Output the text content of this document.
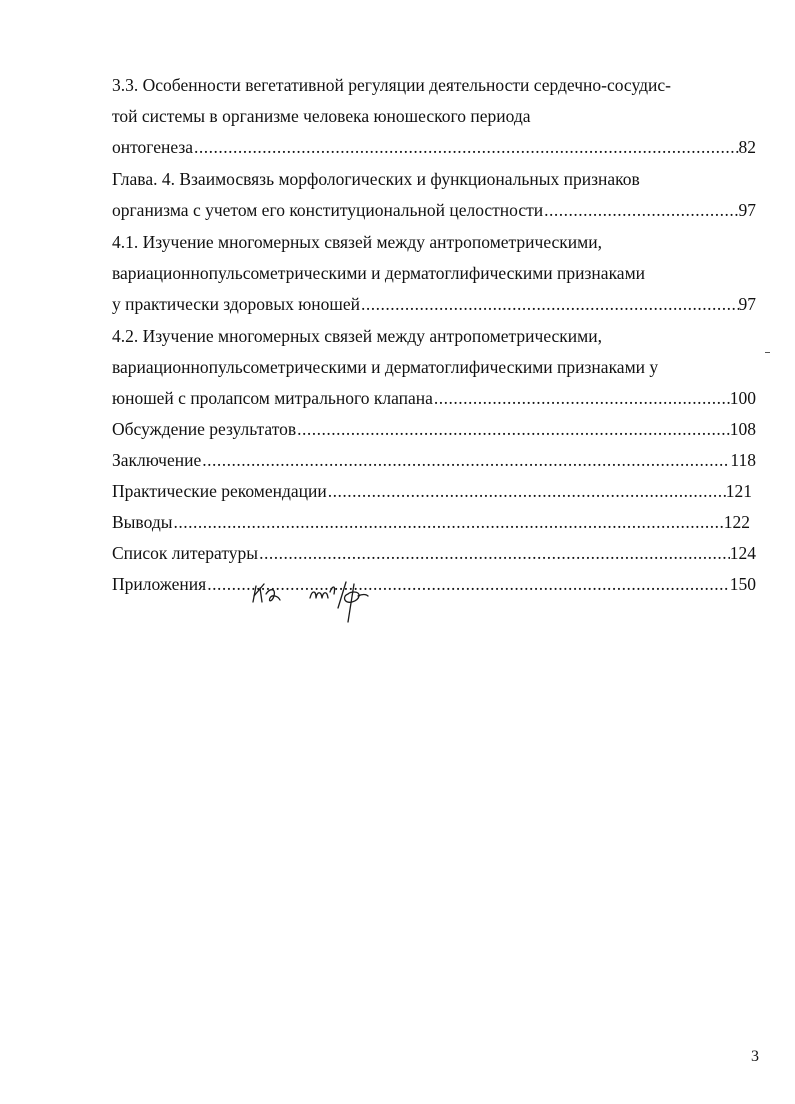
3.3. Особенности вегетативной регуляции деятельности сердечно-сосудис-
той системы в организме человека юношеского периода
онтогенеза .....	82
Глава. 4. Взаимосвязь морфологических и функциональных признаков
организма с учетом его конституциональной целостности .....	97
4.1. Изучение многомерных связей между антропометрическими,
вариационнопульсометрическими и дерматоглифическими признаками
у практически здоровых юношей .....	97
4.2. Изучение многомерных связей между антропометрическими,
вариационнопульсометрическими и дерматоглифическими признаками у
юношей с пролапсом митрального клапана .....	100
Обсуждение результатов .....	108
Заключение .....	118
Практические рекомендации .....	121
Выводы .....	122
Список литературы .....	124
Приложения .....	150
3
